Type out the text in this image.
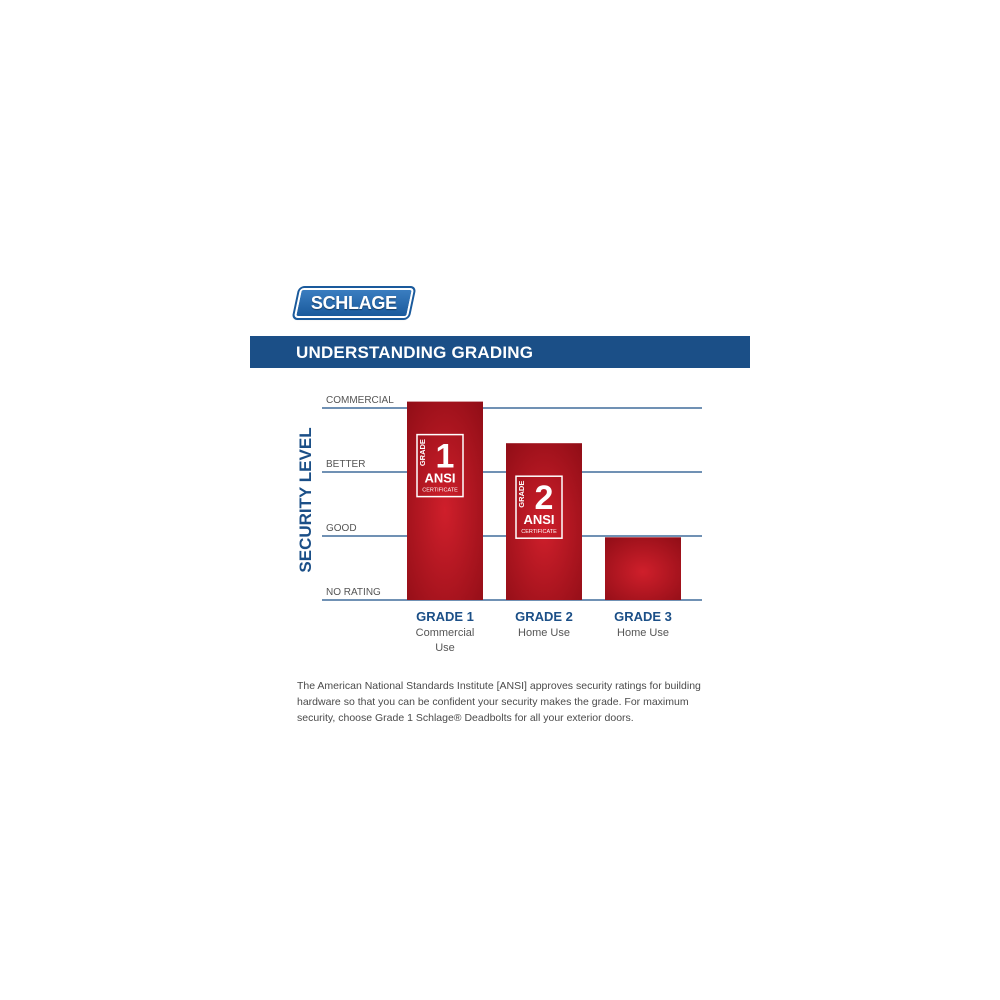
SCHLAGE
UNDERSTANDING GRADING
NO RATING
GOOD
BETTER
COMMERCIAL
SECURITY LEVEL	GRADE 1
ANSI
CERTIFICATE
GRADE 1
Commercial Use
GRADE 2
ANSI
CERTIFICATE
GRADE 2
Home Use
GRADE 3
Home Use
The American National Standards Institute [ANSI] approves security ratings for building hardware so that you can be confident your security makes the grade. For maximum security, choose Grade 1 Schlage® Deadbolts for all your exterior doors.
